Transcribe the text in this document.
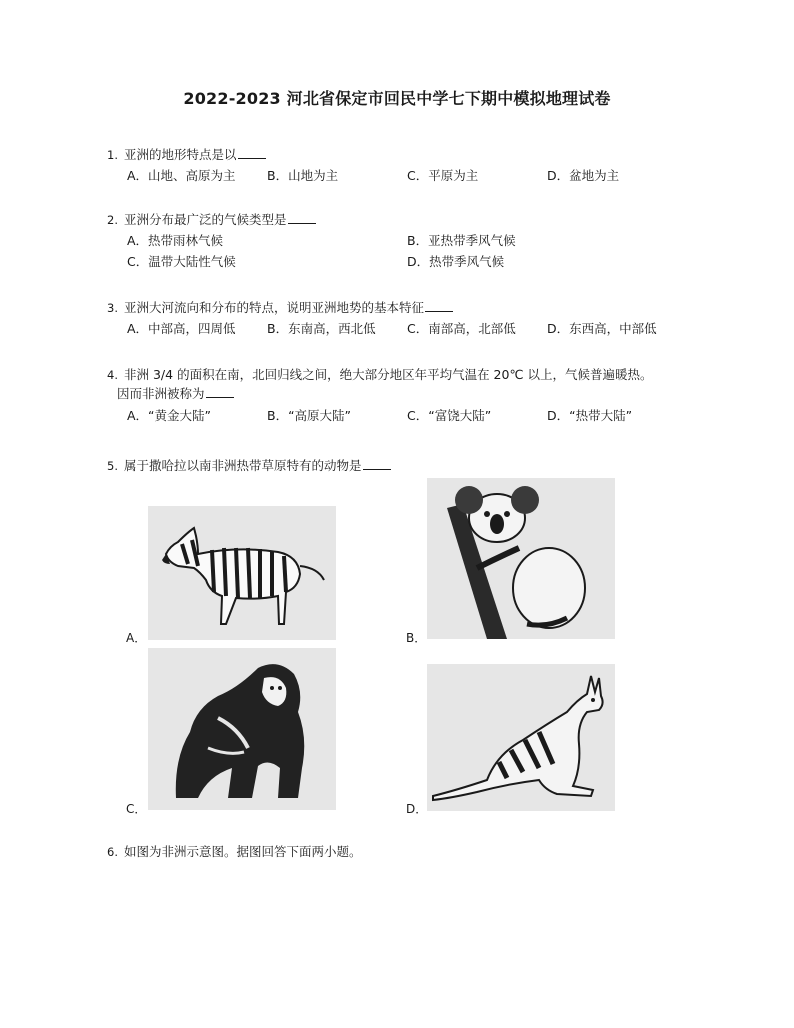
2022-2023 河北省保定市回民中学七下期中模拟地理试卷
1. 亚洲的地形特点是以
A．山地、高原为主	B．山地为主	C．平原为主	D．盆地为主
2. 亚洲分布最广泛的气候类型是
A．热带雨林气候	B．亚热带季风气候
C．温带大陆性气候	D．热带季风气候
3. 亚洲大河流向和分布的特点，说明亚洲地势的基本特征
A．中部高，四周低	B．东南高，西北低	C．南部高，北部低	D．东西高，中部低
4. 非洲 3/4 的面积在南，北回归线之间，绝大部分地区年平均气温在 20℃ 以上，气候普遍暖热。
因而非洲被称为
A．“黄金大陆”	B．“高原大陆”	C．“富饶大陆”	D．“热带大陆”
5. 属于撒哈拉以南非洲热带草原特有的动物是
A．	B．
C．	D．
6. 如图为非洲示意图。据图回答下面两小题。
